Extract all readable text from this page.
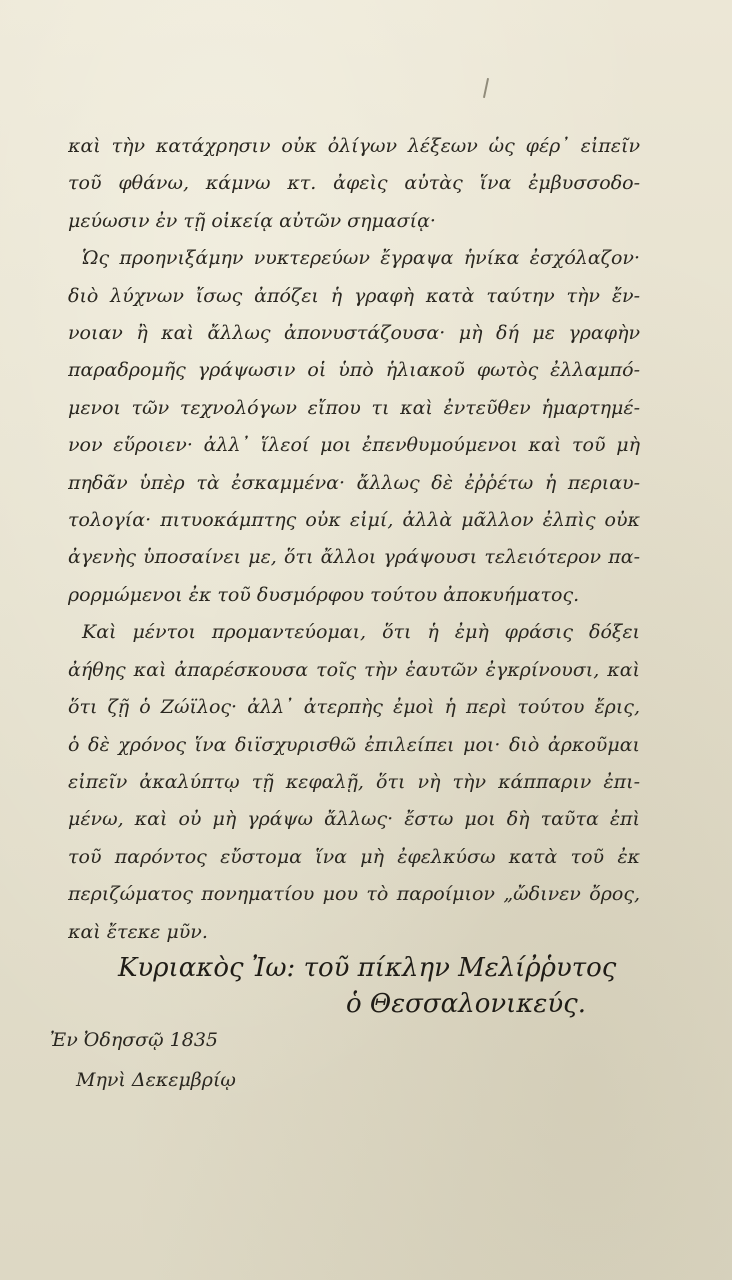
καὶ τὴν κατάχρησιν οὐκ ὀλίγων λέξεων ὡς φέρ᾿ εἰπεῖν
τοῦ φθάνω, κάμνω κτ. ἀφεὶς αὐτὰς ἵνα ἐμβυσσοδο-
μεύωσιν ἐν τῇ οἰκείᾳ αὐτῶν σημασίᾳ·
Ὡς προηνιξάμην νυκτερεύων ἔγραψα ἡνίκα ἐσχόλαζον·
διὸ λύχνων ἴσως ἀπόζει ἡ γραφὴ κατὰ ταύτην τὴν ἔν-
νοιαν ἢ καὶ ἄλλως ἀπονυστάζουσα· μὴ δή με γραφὴν
παραδρομῆς γράψωσιν οἱ ὑπὸ ἡλιακοῦ φωτὸς ἐλλαμπό-
μενοι τῶν τεχνολόγων εἴπου τι καὶ ἐντεῦθεν ἡμαρτημέ-
νον εὕροιεν· ἀλλ᾿ ἵλεοί μοι ἐπενθυμούμενοι καὶ τοῦ μὴ
πηδᾶν ὑπὲρ τὰ ἐσκαμμένα· ἄλλως δὲ ἐῤῥέτω ἡ περιαυ-
τολογία· πιτυοκάμπτης οὐκ εἰμί, ἀλλὰ μᾶλλον ἐλπὶς οὐκ
ἀγενὴς ὑποσαίνει με, ὅτι ἄλλοι γράψουσι τελειότερον πα-
ρορμώμενοι ἐκ τοῦ δυσμόρφου τούτου ἀποκυήματος.
Καὶ μέντοι προμαντεύομαι, ὅτι ἡ ἐμὴ φράσις δόξει
ἀήθης καὶ ἀπαρέσκουσα τοῖς τὴν ἑαυτῶν ἐγκρίνουσι, καὶ
ὅτι ζῇ ὁ Ζώϊλος· ἀλλ᾿ ἀτερπὴς ἐμοὶ ἡ περὶ τούτου ἔρις,
ὁ δὲ χρόνος ἵνα διϊσχυρισθῶ ἐπιλείπει μοι· διὸ ἀρκοῦμαι
εἰπεῖν ἀκαλύπτῳ τῇ κεφαλῇ, ὅτι νὴ τὴν κάππαριν ἐπι-
μένω, καὶ οὐ μὴ γράψω ἄλλως· ἔστω μοι δὴ ταῦτα ἐπὶ
τοῦ παρόντος εὔστομα ἵνα μὴ ἐφελκύσω κατὰ τοῦ ἐκ
περιζώματος πονηματίου μου τὸ παροίμιον „ὤδινεν ὄρος,
καὶ ἔτεκε μῦν.
Κυριακὸς Ἰω: τοῦ πίκλην Μελίῤῥυτος
ὁ Θεσσαλονικεύς.
Ἐν Ὀδησσῷ 1835
Μηνὶ Δεκεμβρίῳ
